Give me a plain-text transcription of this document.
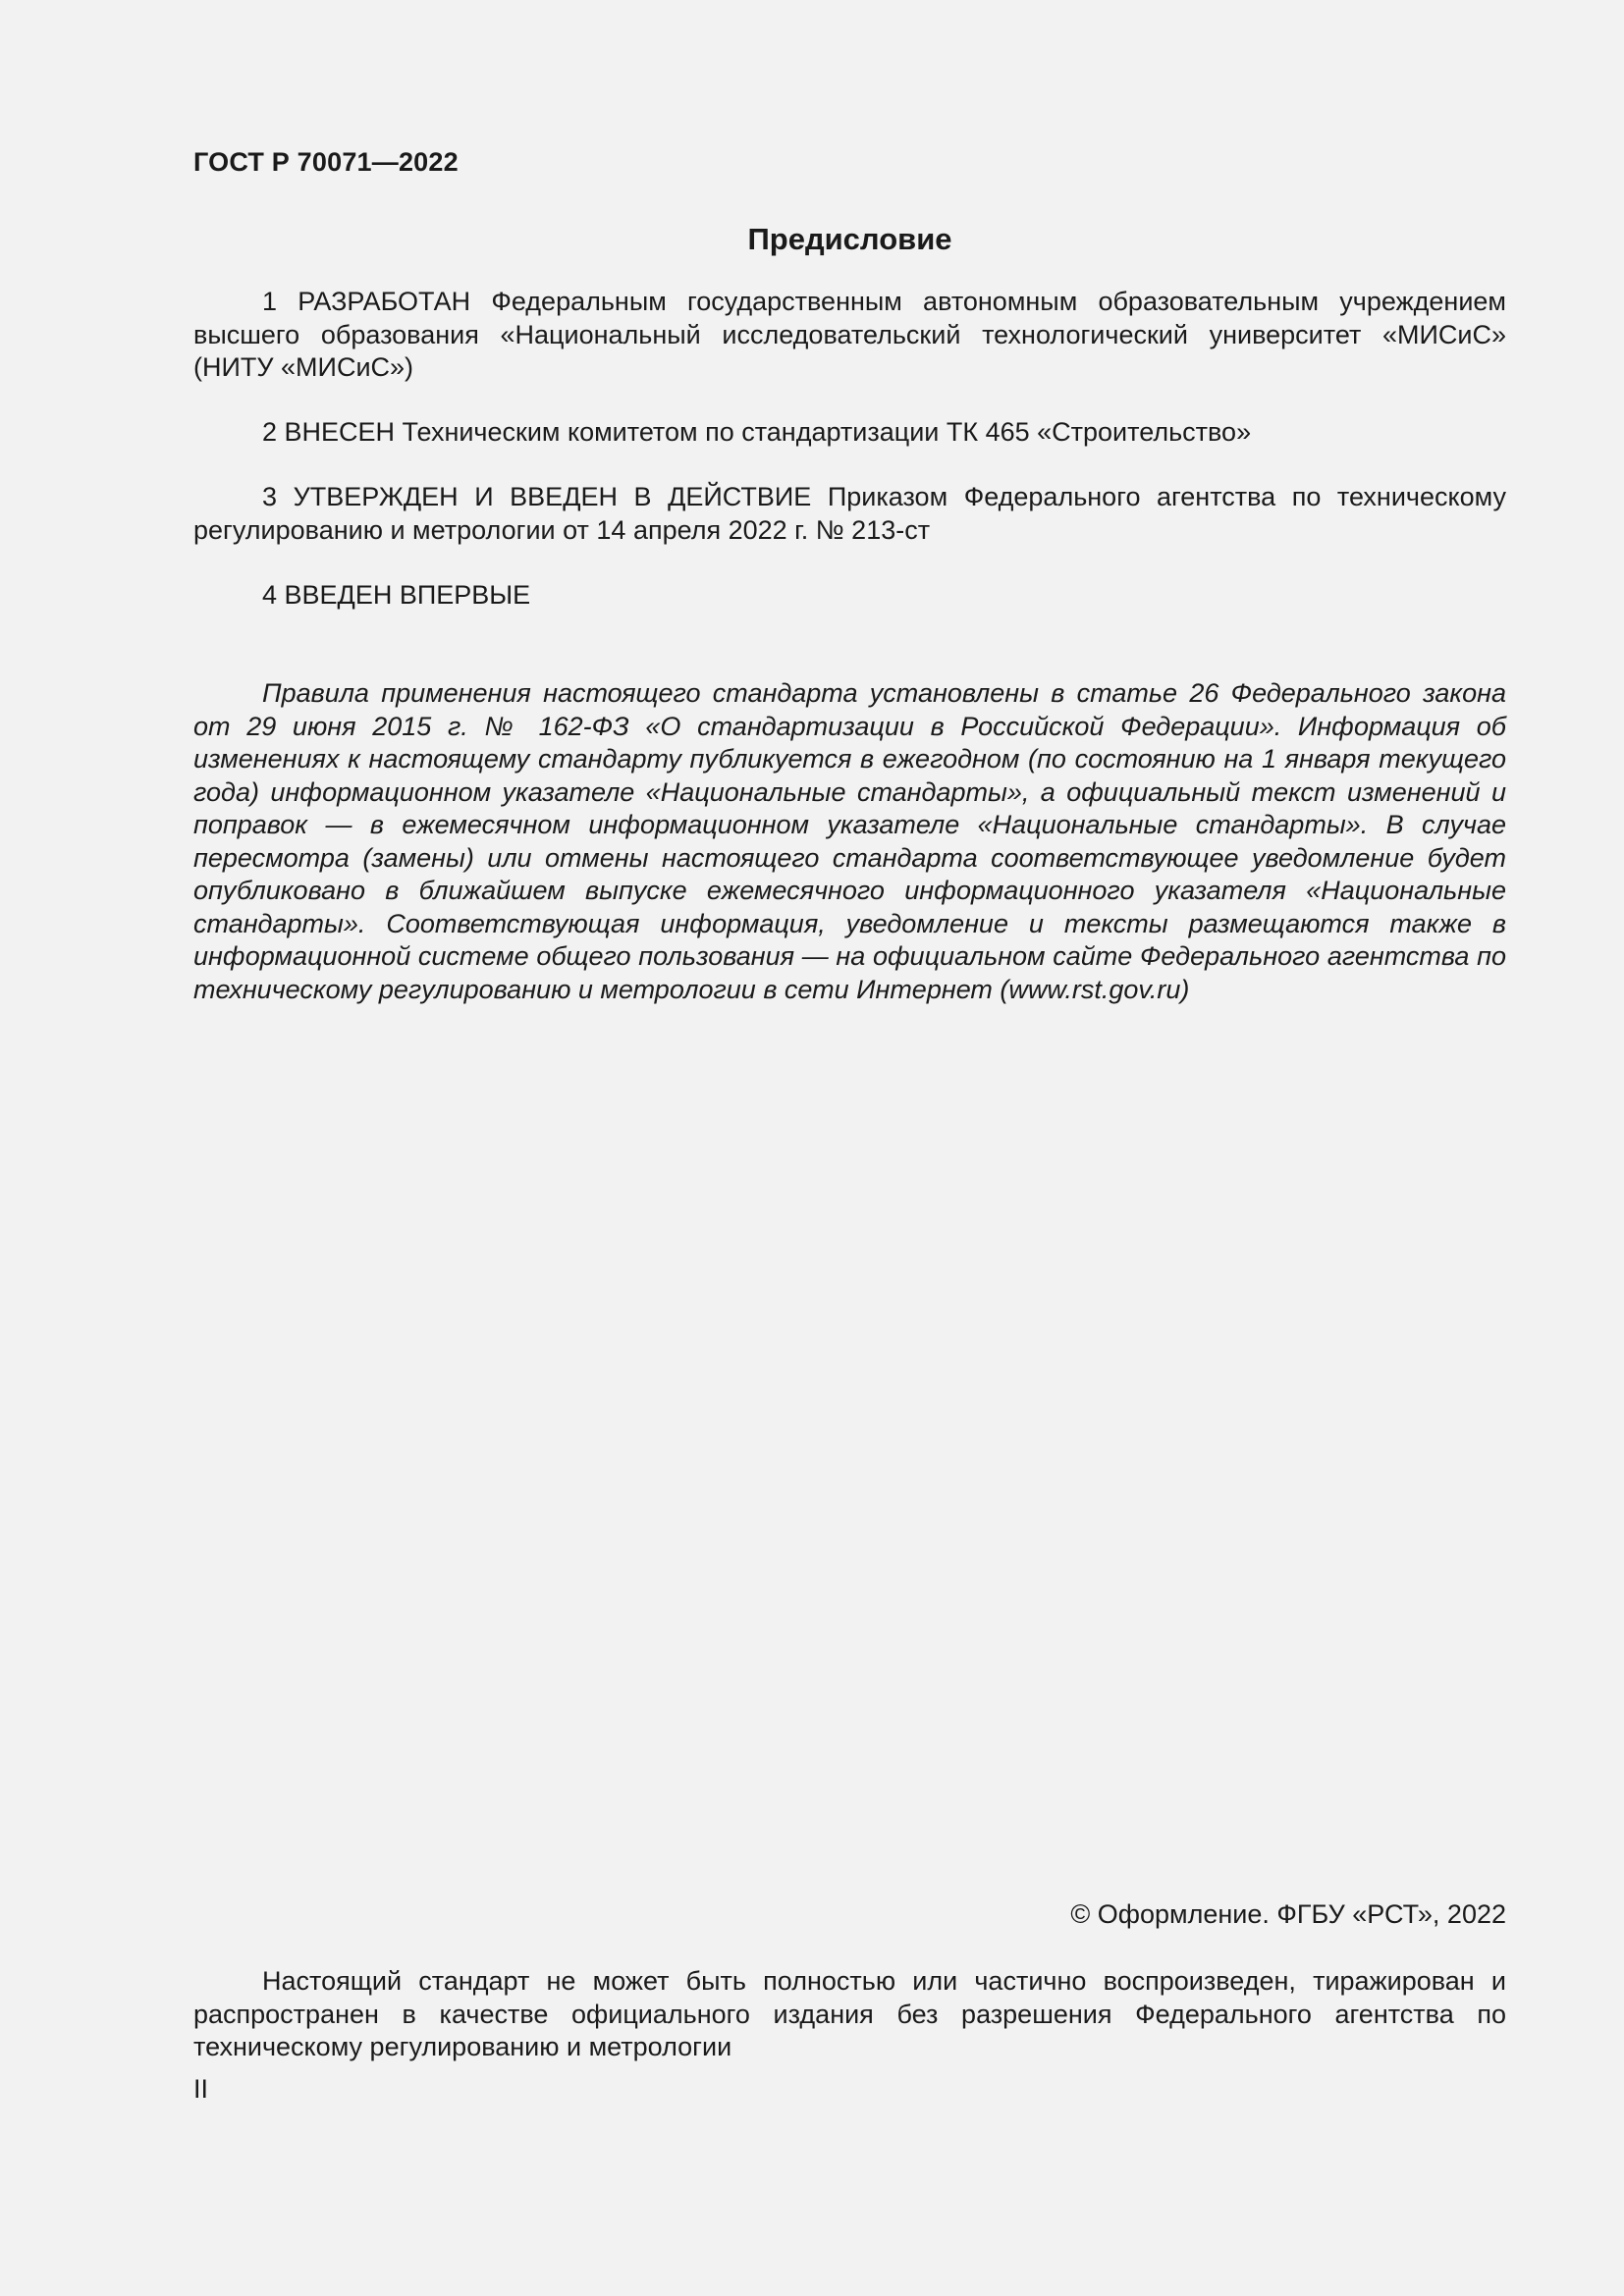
ГОСТ Р 70071—2022
Предисловие

1 РАЗРАБОТАН Федеральным государственным автономным образовательным учреждением высшего образования «Национальный исследовательский технологический университет «МИСиС» (НИТУ «МИСиС»)

2 ВНЕСЕН Техническим комитетом по стандартизации ТК 465 «Строительство»

3 УТВЕРЖДЕН И ВВЕДЕН В ДЕЙСТВИЕ Приказом Федерального агентства по техническому регулированию и метрологии от 14 апреля 2022 г. № 213-ст

4 ВВЕДЕН ВПЕРВЫЕ

Правила применения настоящего стандарта установлены в статье 26 Федерального закона от 29 июня 2015 г. № 162-ФЗ «О стандартизации в Российской Федерации». Информация об изменениях к настоящему стандарту публикуется в ежегодном (по состоянию на 1 января текущего года) информационном указателе «Национальные стандарты», а официальный текст изменений и поправок — в ежемесячном информационном указателе «Национальные стандарты». В случае пересмотра (замены) или отмены настоящего стандарта соответствующее уведомление будет опубликовано в ближайшем выпуске ежемесячного информационного указателя «Национальные стандарты». Соответствующая информация, уведомление и тексты размещаются также в информационной системе общего пользования — на официальном сайте Федерального агентства по техническому регулированию и метрологии в сети Интернет (www.rst.gov.ru)

© Оформление. ФГБУ «РСТ», 2022

Настоящий стандарт не может быть полностью или частично воспроизведен, тиражирован и распространен в качестве официального издания без разрешения Федерального агентства по техническому регулированию и метрологии

II
